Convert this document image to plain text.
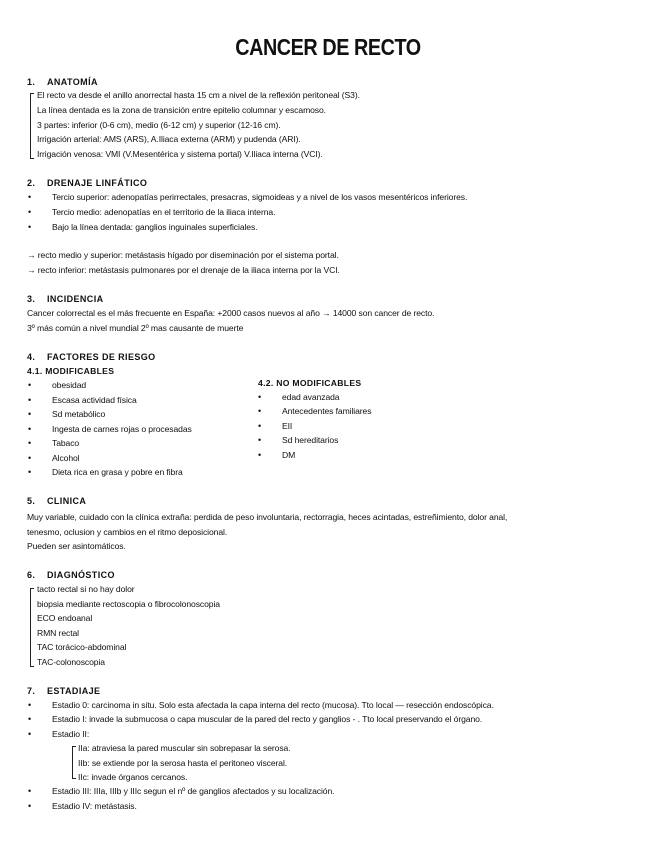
CANCER DE RECTO
1. ANATOMÍA
El recto va desde el anillo anorrectal hasta 15 cm a nivel de la reflexión peritoneal (S3).
La línea dentada es la zona de transición entre epitelio columnar y escamoso.
3 partes: inferior (0-6 cm), medio (6-12 cm) y superior (12-16 cm).
Irrigación arterial: AMS (ARS), A.Iliaca externa (ARM) y pudenda (ARI).
Irrigación venosa: VMI (V.Mesentérica y sistema portal) V.Iliaca interna (VCI).
2. DRENAJE LINFÁTICO
• Tercio superior: adenopatías perirrectales, presacras, sigmoideas y a nivel de los vasos mesentéricos inferiores.
• Tercio medio: adenopatías en el territorio de la iliaca interna.
• Bajo la línea dentada: ganglios inguinales superficiales.
→ recto medio y superior: metástasis hígado por diseminación por el sistema portal.
→ recto inferior: metástasis pulmonares por el drenaje de la iliaca interna por la VCI.
3. INCIDENCIA
Cancer colorrectal es el más frecuente en España: +2000 casos nuevos al año → 14000 son cancer de recto.
3º más común a nivel mundial 2º mas causante de muerte
4. FACTORES DE RIESGO
4.1. MODIFICABLES
• obesidad
• Escasa actividad física
• Sd metabólico
• Ingesta de carnes rojas o procesadas
• Tabaco
• Alcohol
• Dieta rica en grasa y pobre en fibra
4.2. NO MODIFICABLES
• edad avanzada
• Antecedentes familiares
• EII
• Sd hereditarios
• DM
5. CLINICA
Muy variable, cuidado con la clínica extraña: perdida de peso involuntaria, rectorragia, heces acintadas, estreñimiento, dolor anal,
tenesmo, oclusion y cambios en el ritmo deposicional.
Pueden ser asintomáticos.
6. DIAGNÓSTICO
tacto rectal si no hay dolor
biopsia mediante rectoscopia o fibrocolonoscopia
ECO endoanal
RMN rectal
TAC torácico-abdominal
TAC-colonoscopia
7. ESTADIAJE
• Estadio 0: carcinoma in situ. Solo esta afectada la capa interna del recto (mucosa). Tto local — resección endoscópica.
• Estadio I: invade la submucosa o capa muscular de la pared del recto y ganglios - . Tto local preservando el órgano.
• Estadio II:
IIa: atraviesa la pared muscular sin sobrepasar la serosa.
IIb: se extiende por la serosa hasta el peritoneo visceral.
IIc: invade órganos cercanos.
• Estadio III: IIIa, IIIb y IIIc segun el nº de ganglios afectados y su localización.
• Estadio IV: metástasis.
